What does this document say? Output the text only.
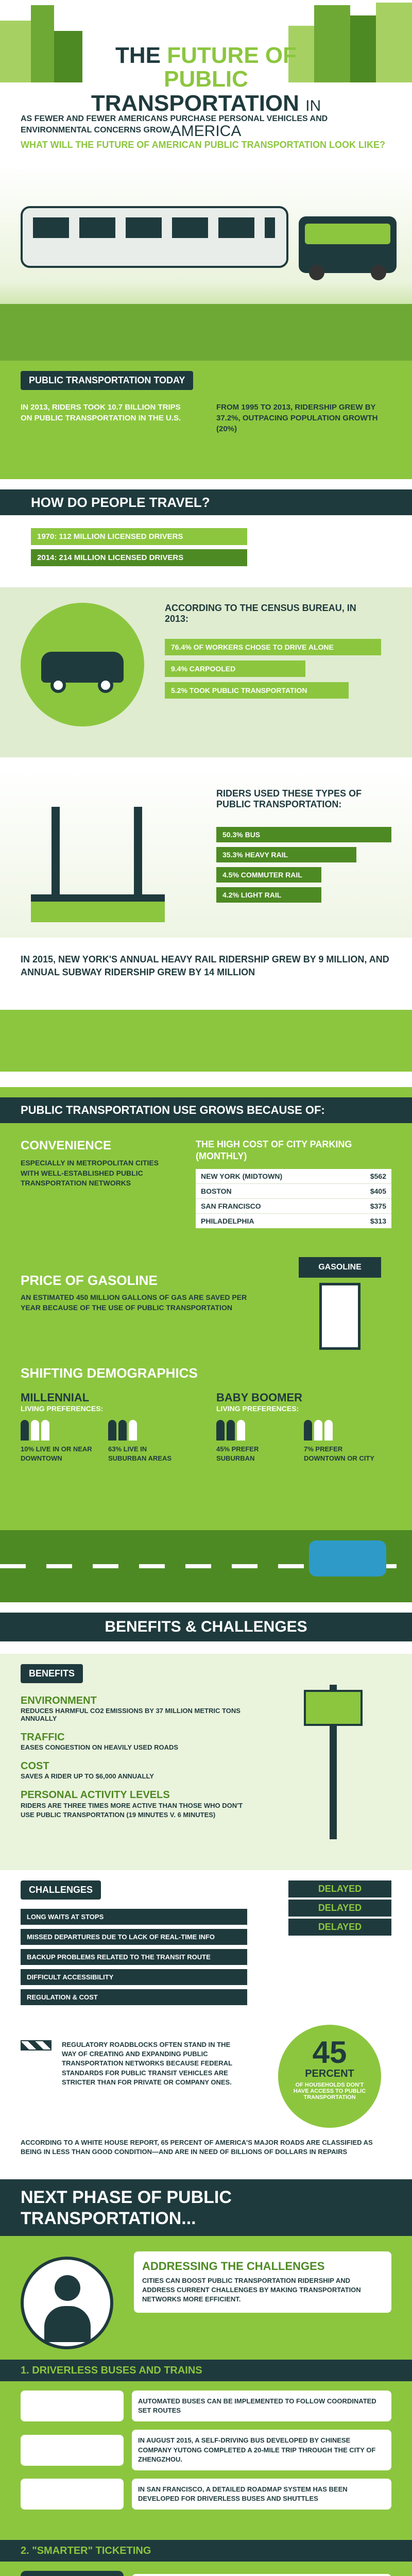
THE FUTURE OF PUBLIC
TRANSPORTATION IN AMERICA
AS FEWER AND FEWER AMERICANS PURCHASE PERSONAL VEHICLES AND ENVIRONMENTAL CONCERNS GROW,
WHAT WILL THE FUTURE OF AMERICAN PUBLIC TRANSPORTATION LOOK LIKE?
PUBLIC TRANSPORTATION TODAY
IN 2013, RIDERS TOOK 10.7 BILLION TRIPS ON PUBLIC TRANSPORTATION IN THE U.S.
FROM 1995 TO 2013, RIDERSHIP GREW BY 37.2%, OUTPACING POPULATION GROWTH (20%)
HOW DO PEOPLE TRAVEL?
1970: 112 MILLION LICENSED DRIVERS
2014: 214 MILLION LICENSED DRIVERS
ACCORDING TO THE CENSUS BUREAU, IN 2013:
76.4% OF WORKERS CHOSE TO DRIVE ALONE
9.4% CARPOOLED
5.2% TOOK PUBLIC TRANSPORTATION
RIDERS USED THESE TYPES OF PUBLIC TRANSPORTATION:
50.3% BUS
35.3% HEAVY RAIL
4.5% COMMUTER RAIL
4.2% LIGHT RAIL
IN 2015, NEW YORK'S ANNUAL HEAVY RAIL RIDERSHIP GREW BY 9 MILLION, AND ANNUAL SUBWAY RIDERSHIP GREW BY 14 MILLION
PUBLIC TRANSPORTATION USE GROWS BECAUSE OF:
CONVENIENCE
ESPECIALLY IN METROPOLITAN CITIES WITH WELL-ESTABLISHED PUBLIC TRANSPORTATION NETWORKS
THE HIGH COST OF CITY PARKING (MONTHLY)
NEW YORK (MIDTOWN)	$562
BOSTON	$405
SAN FRANCISCO	$375
PHILADELPHIA	$313
PRICE OF GASOLINE
AN ESTIMATED 450 MILLION GALLONS OF GAS ARE SAVED PER YEAR BECAUSE OF THE USE OF PUBLIC TRANSPORTATION
GASOLINE
SHIFTING DEMOGRAPHICS
MILLENNIAL
LIVING PREFERENCES:
10% LIVE IN OR NEAR DOWNTOWN
63% LIVE IN SUBURBAN AREAS
BABY BOOMER
LIVING PREFERENCES:
45% PREFER SUBURBAN
7% PREFER DOWNTOWN OR CITY
BENEFITS & CHALLENGES
BENEFITS
ENVIRONMENT
REDUCES HARMFUL CO2 EMISSIONS BY 37 MILLION METRIC TONS ANNUALLY
TRAFFIC
EASES CONGESTION ON HEAVILY USED ROADS
COST
SAVES A RIDER UP TO $6,000 ANNUALLY
PERSONAL ACTIVITY LEVELS
RIDERS ARE THREE TIMES MORE ACTIVE THAN THOSE WHO DON'T USE PUBLIC TRANSPORTATION (19 MINUTES V. 6 MINUTES)
CHALLENGES
LONG WAITS AT STOPS
MISSED DEPARTURES DUE TO LACK OF REAL-TIME INFO
BACKUP PROBLEMS RELATED TO THE TRANSIT ROUTE
DIFFICULT ACCESSIBILITY
REGULATION & COST
DELAYED
DELAYED
DELAYED
REGULATORY ROADBLOCKS OFTEN STAND IN THE WAY OF CREATING AND EXPANDING PUBLIC TRANSPORTATION NETWORKS BECAUSE FEDERAL STANDARDS FOR PUBLIC TRANSIT VEHICLES ARE STRICTER THAN FOR PRIVATE OR COMPANY ONES.
45
PERCENT
OF HOUSEHOLDS DON'T HAVE ACCESS TO PUBLIC TRANSPORTATION
ACCORDING TO A WHITE HOUSE REPORT, 65 PERCENT OF AMERICA'S MAJOR ROADS ARE CLASSIFIED AS BEING IN LESS THAN GOOD CONDITION—AND ARE IN NEED OF BILLIONS OF DOLLARS IN REPAIRS
NEXT PHASE OF PUBLIC TRANSPORTATION...
ADDRESSING THE CHALLENGES
CITIES CAN BOOST PUBLIC TRANSPORTATION RIDERSHIP AND ADDRESS CURRENT CHALLENGES BY MAKING TRANSPORTATION NETWORKS MORE EFFICIENT.
1. DRIVERLESS BUSES AND TRAINS
AUTOMATED BUSES CAN BE IMPLEMENTED TO FOLLOW COORDINATED SET ROUTES
IN AUGUST 2015, A SELF-DRIVING BUS DEVELOPED BY CHINESE COMPANY YUTONG COMPLETED A 20-MILE TRIP THROUGH THE CITY OF ZHENGZHOU.
IN SAN FRANCISCO, A DETAILED ROADMAP SYSTEM HAS BEEN DEVELOPED FOR DRIVERLESS BUSES AND SHUTTLES
2. "SMARTER" TICKETING
